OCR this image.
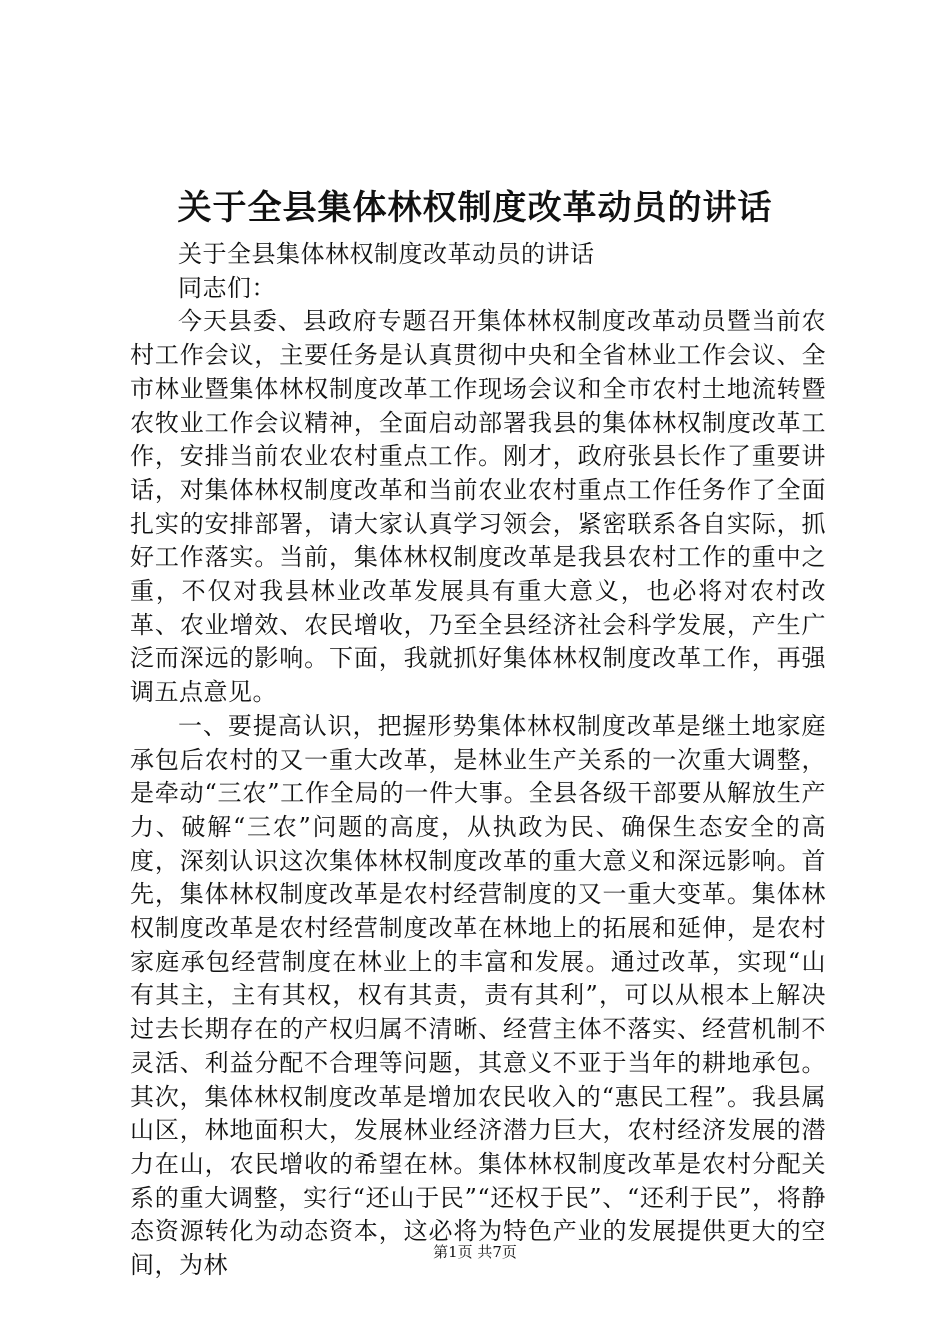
关于全县集体林权制度改革动员的讲话

关于全县集体林权制度改革动员的讲话

同志们：

今天县委、县政府专题召开集体林权制度改革动员暨当前农村工作会议，主要任务是认真贯彻中央和全省林业工作会议、全市林业暨集体林权制度改革工作现场会议和全市农村土地流转暨农牧业工作会议精神，全面启动部署我县的集体林权制度改革工作，安排当前农业农村重点工作。刚才，政府张县长作了重要讲话，对集体林权制度改革和当前农业农村重点工作任务作了全面扎实的安排部署，请大家认真学习领会，紧密联系各自实际，抓好工作落实。当前，集体林权制度改革是我县农村工作的重中之重，不仅对我县林业改革发展具有重大意义，也必将对农村改革、农业增效、农民增收，乃至全县经济社会科学发展，产生广泛而深远的影响。下面，我就抓好集体林权制度改革工作，再强调五点意见。

一、要提高认识，把握形势集体林权制度改革是继土地家庭承包后农村的又一重大改革，是林业生产关系的一次重大调整，是牵动“三农”工作全局的一件大事。全县各级干部要从解放生产力、破解“三农”问题的高度，从执政为民、确保生态安全的高度，深刻认识这次集体林权制度改革的重大意义和深远影响。首先，集体林权制度改革是农村经营制度的又一重大变革。集体林权制度改革是农村经营制度改革在林地上的拓展和延伸，是农村家庭承包经营制度在林业上的丰富和发展。通过改革，实现“山有其主，主有其权，权有其责，责有其利”，可以从根本上解决过去长期存在的产权归属不清晰、经营主体不落实、经营机制不灵活、利益分配不合理等问题，其意义不亚于当年的耕地承包。其次，集体林权制度改革是增加农民收入的“惠民工程”。我县属山区，林地面积大，发展林业经济潜力巨大，农村经济发展的潜力在山，农民增收的希望在林。集体林权制度改革是农村分配关系的重大调整，实行“还山于民”“还权于民”、“还利于民”，将静态资源转化为动态资本，这必将为特色产业的发展提供更大的空间，为林	第1页 共7页
